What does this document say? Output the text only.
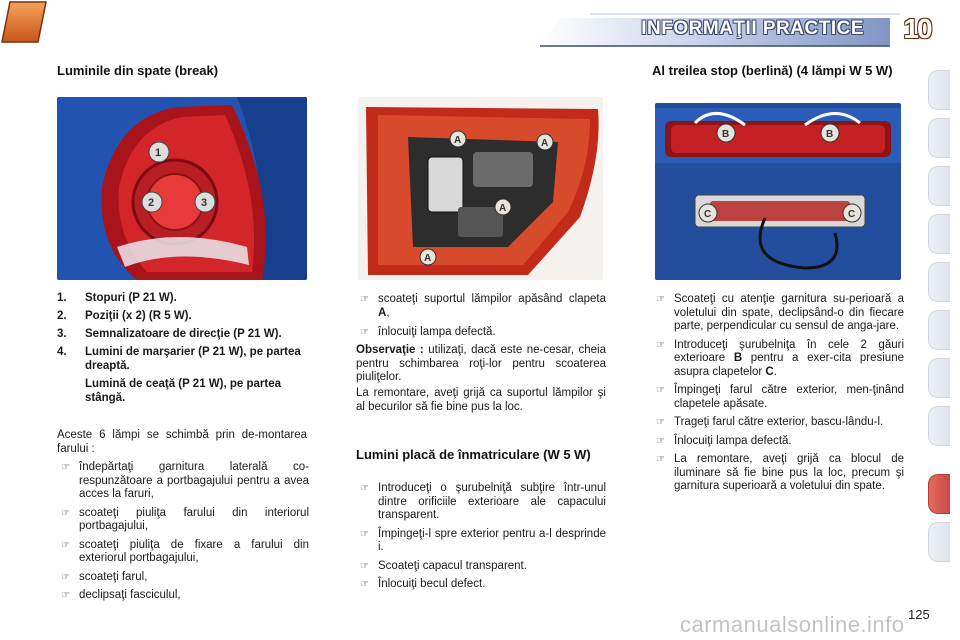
INFORMAŢII PRACTICE	10
Luminile din spate (break)
1
2	3
1.	Stopuri (P 21 W).
2.	Poziţii (x 2) (R 5 W).
3.	Semnalizatoare de direcţie (P 21 W).
4.	Lumini de marşarier (P 21 W), pe partea dreaptă.
Lumină de ceaţă (P 21 W), pe partea stângă.
Aceste 6 lămpi se schimbă prin de-montarea farului :
☞ îndepărtaţi garnitura laterală co-respunzătoare a portbagajului pentru a avea acces la faruri,
☞ scoateţi piuliţa farului din interiorul portbagajului,
☞ scoateţi piuliţa de fixare a farului din exteriorul portbagajului,
☞ scoateţi farul,
☞ declipsaţi fasciculul,
A	A
A
A
☞ scoateţi suportul lămpilor apăsând clapeta A,
☞ înlocuiţi lampa defectă.
Observaţie : utilizaţi, dacă este ne-cesar, cheia pentru schimbarea roţi-lor pentru scoaterea piuliţelor.
La remontare, aveţi grijă ca suportul lămpilor şi al becurilor să fie bine pus la loc.
Lumini placă de înmatriculare (W 5 W)
☞ Introduceţi o şurubelniţă subţire într-unul dintre orificiile exterioare ale capacului transparent.
☞ Împingeţi-l spre exterior pentru a-l desprinde i.
☞ Scoateţi capacul transparent.
☞ Înlocuiţi becul defect.
Al treilea stop (berlină) (4 lămpi W 5 W)
B	B
C	C
☞ Scoateţi cu atenţie garnitura su-perioară a voletului din spate, declipsând-o din fiecare parte, perpendicular cu sensul de anga-jare.
☞ Introduceţi şurubelniţa în cele 2 găuri exterioare B pentru a exer-cita presiune asupra clapetelor C.
☞ Împingeţi farul către exterior, men-ţinând clapetele apăsate.
☞ Trageţi farul către exterior, bascu-lându-l.
☞ Înlocuiţi lampa defectă.
☞ La remontare, aveţi grijă ca blocul de iluminare să fie bine pus la loc, precum şi garnitura superioară a voletului din spate.
carmanualsonline.info 125
